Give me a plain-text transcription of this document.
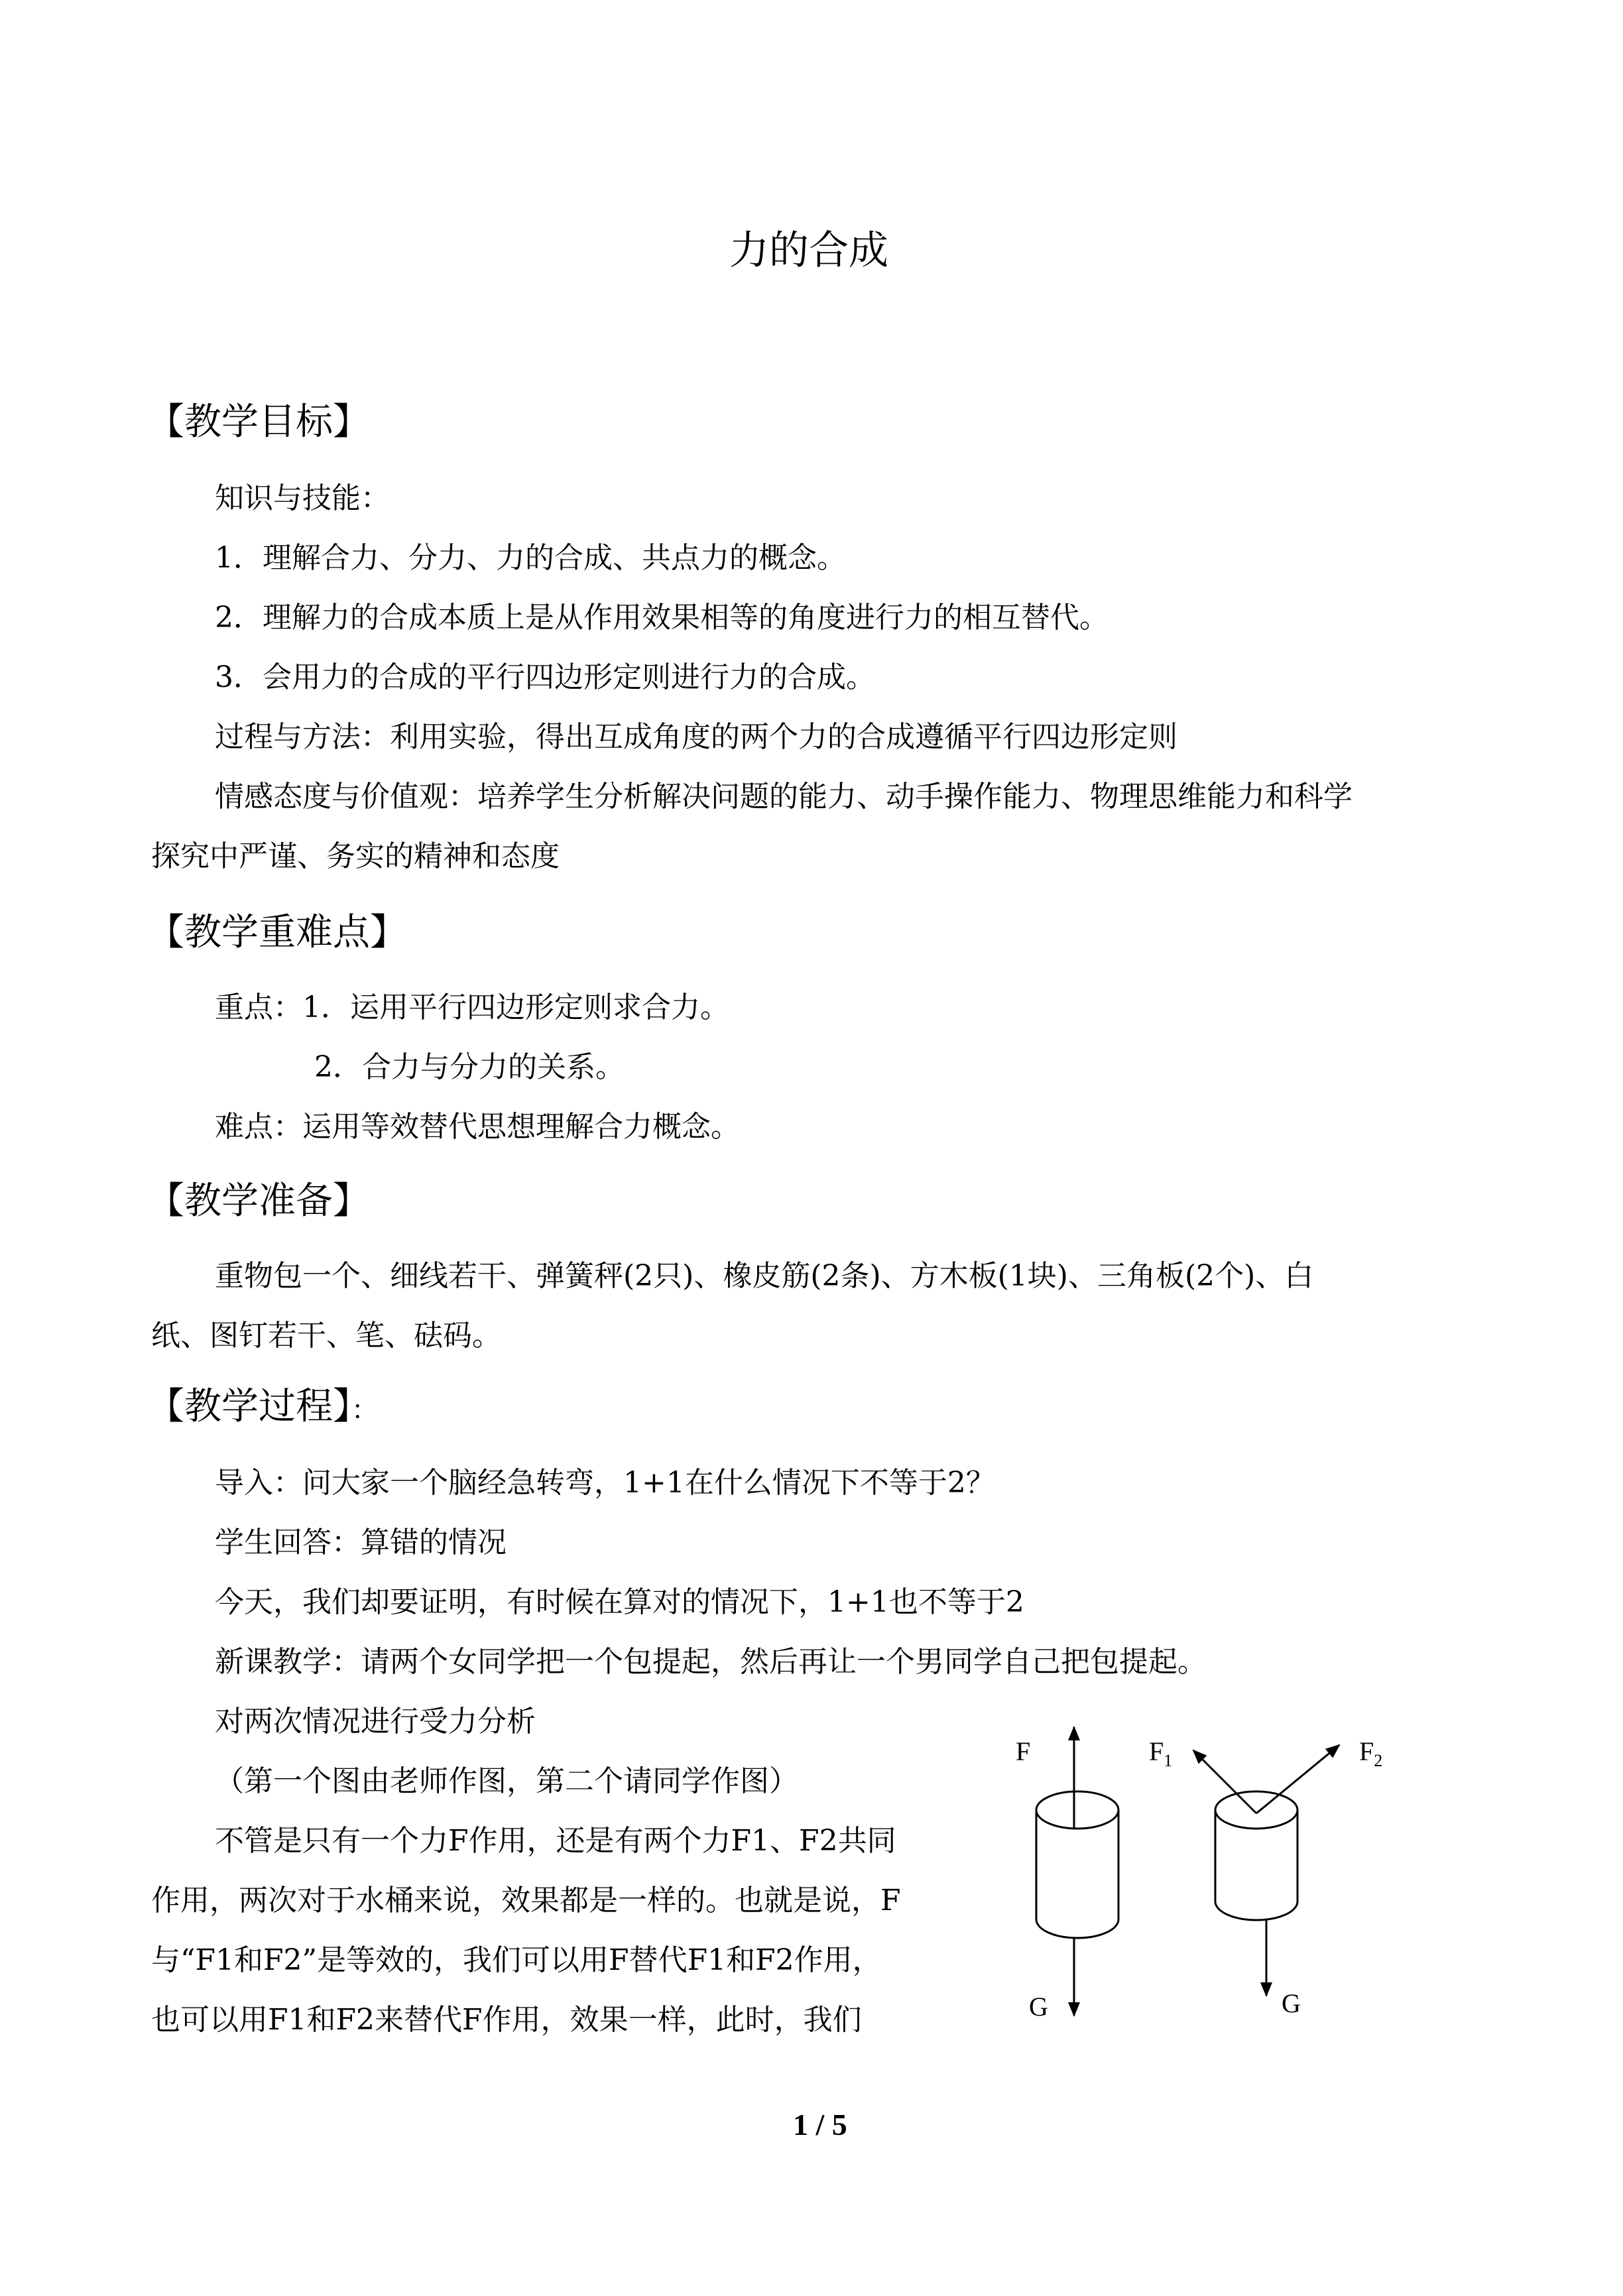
力的合成
【教学目标】
知识与技能：
1．理解合力、分力、力的合成、共点力的概念。
2．理解力的合成本质上是从作用效果相等的角度进行力的相互替代。
3．会用力的合成的平行四边形定则进行力的合成。
过程与方法：利用实验，得出互成角度的两个力的合成遵循平行四边形定则
情感态度与价值观：培养学生分析解决问题的能力、动手操作能力、物理思维能力和科学
探究中严谨、务实的精神和态度
【教学重难点】
重点：1．运用平行四边形定则求合力。
2．合力与分力的关系。
难点：运用等效替代思想理解合力概念。
【教学准备】
重物包一个、细线若干、弹簧秤(2只)、橡皮筋(2条)、方木板(1块)、三角板(2个)、白
纸、图钉若干、笔、砝码。
【教学过程】：
导入：问大家一个脑经急转弯，1+1在什么情况下不等于2？
学生回答：算错的情况
今天，我们却要证明，有时候在算对的情况下，1+1也不等于2
新课教学：请两个女同学把一个包提起，然后再让一个男同学自己把包提起。
对两次情况进行受力分析
（第一个图由老师作图，第二个请同学作图）
不管是只有一个力F作用，还是有两个力F1、F2共同
作用，两次对于水桶来说，效果都是一样的。也就是说，F
与“F1和F2”是等效的，我们可以用F替代F1和F2作用，
也可以用F1和F2来替代F作用，效果一样，此时，我们
F
G
$F_1$	$F_2$
G
1 / 5
